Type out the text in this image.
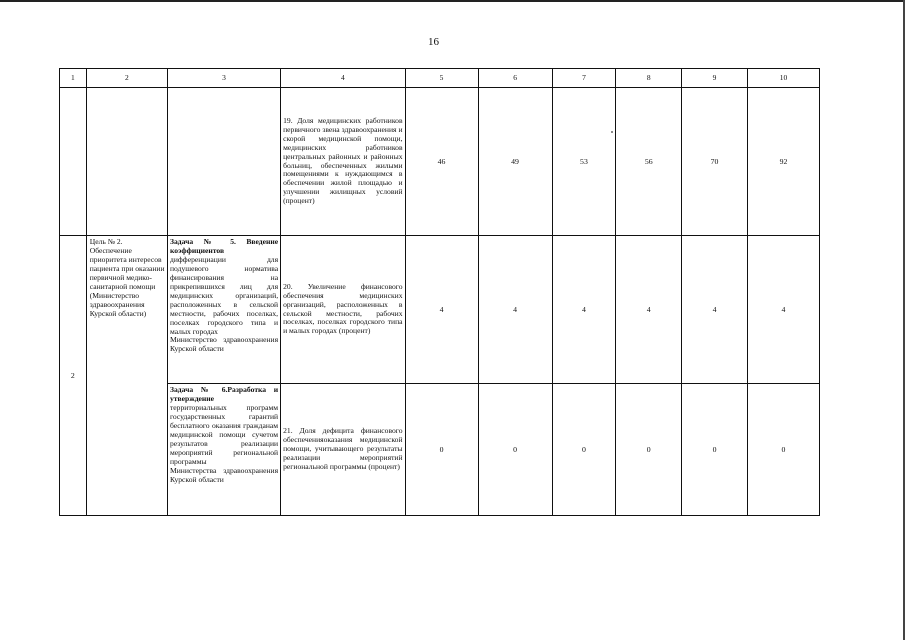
16
1	2	3	4	5	6	7	8	9	10
			19. Доля медицинских работников первичного звена здравоохранения и скорой медицинской помощи, медицинских работников центральных районных и районных больниц, обеспеченных жилыми помещениями к нуждающимся в обеспечении жилой площадью и улучшении жилищных условий (процент)	46	49	53	56	70	92
2	Цель № 2. Обеспечение приоритета интересов пациента при оказании первичной медико-санитарной помощи (Министерство здравоохранения Курской области)	Задача № 5. Введение коэффициентов
дифференциации для подушевого норматива финансирования на прикрепившихся лиц для медицинских организаций, расположенных в сельской местности, рабочих поселках, поселках городского типа и малых городах
Министерство здравоохранения Курской области	20. Увеличение финансового обеспечения медицинских организаций, расположенных в сельской местности, рабочих поселках, поселках городского типа и малых городах (процент)	4	4	4	4	4	4

		Задача № 6.Разработка и утверждение
территориальных программ государственных гарантий бесплатного оказания гражданам медицинской помощи сучетом результатов реализации мероприятий региональной программы
Министерства здравоохранения Курской области	21. Доля дефицита финансового обеспеченияоказания медицинской помощи, учитывающего результаты реализации мероприятий региональной программы (процент)	0	0	0	0	0	0
